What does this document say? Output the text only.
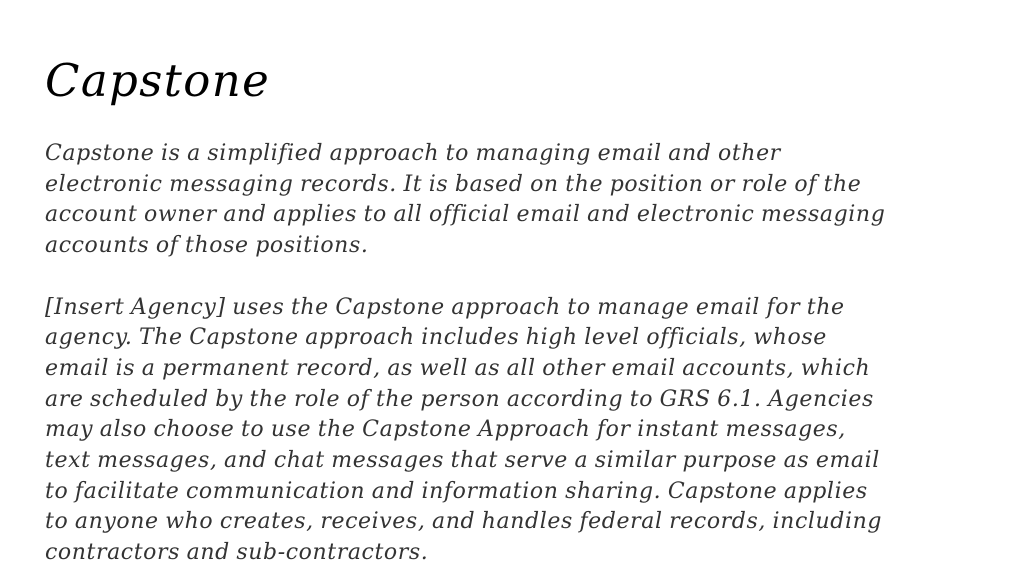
Capstone

Capstone is a simplified approach to managing email and other
electronic messaging records. It is based on the position or role of the
account owner and applies to all official email and electronic messaging
accounts of those positions.

[Insert Agency] uses the Capstone approach to manage email for the
agency. The Capstone approach includes high level officials, whose
email is a permanent record, as well as all other email accounts, which
are scheduled by the role of the person according to GRS 6.1. Agencies
may also choose to use the Capstone Approach for instant messages,
text messages, and chat messages that serve a similar purpose as email
to facilitate communication and information sharing. Capstone applies
to anyone who creates, receives, and handles federal records, including
contractors and sub-contractors.
